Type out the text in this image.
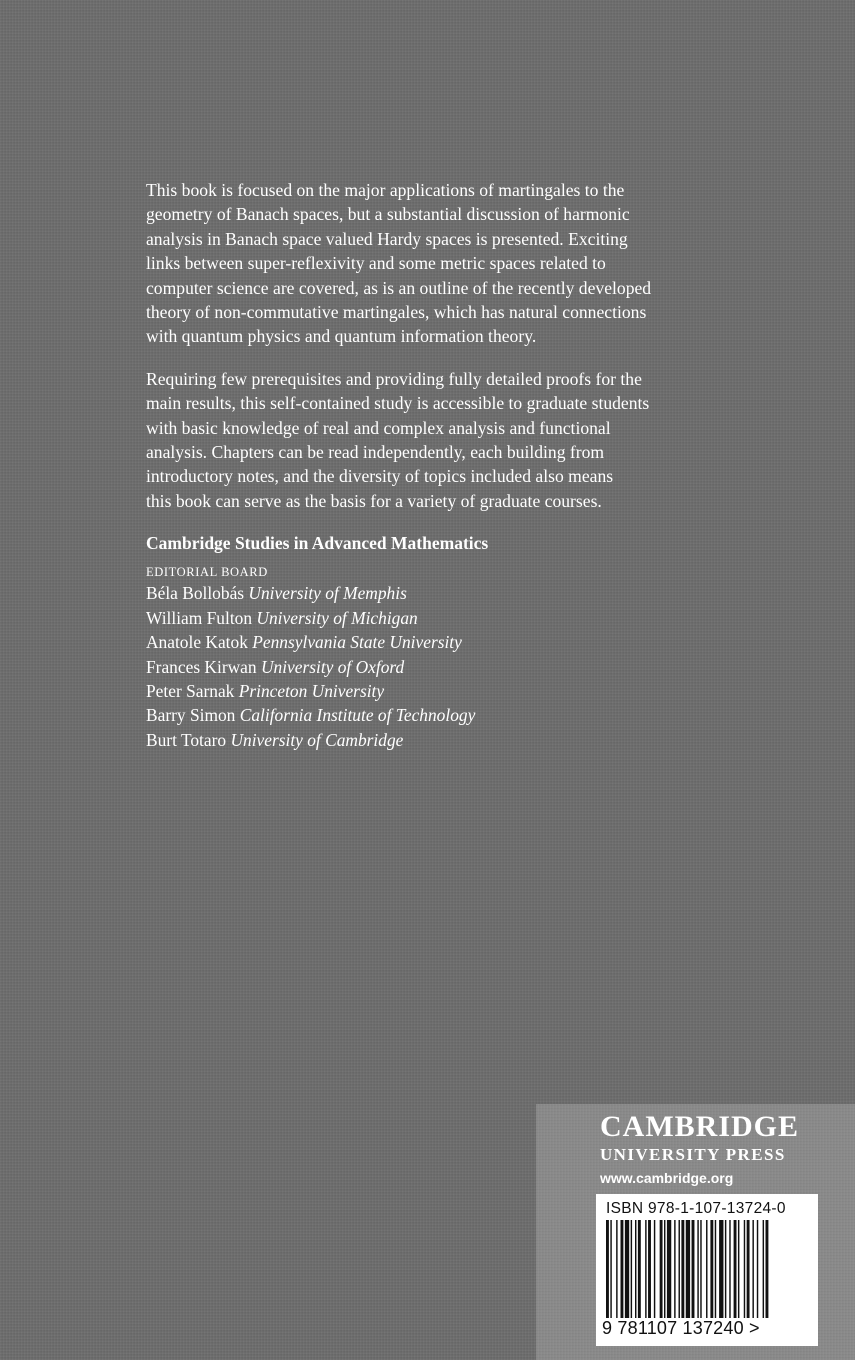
This book is focused on the major applications of martingales to the
geometry of Banach spaces, but a substantial discussion of harmonic
analysis in Banach space valued Hardy spaces is presented. Exciting
links between super-reflexivity and some metric spaces related to
computer science are covered, as is an outline of the recently developed
theory of non-commutative martingales, which has natural connections
with quantum physics and quantum information theory.
Requiring few prerequisites and providing fully detailed proofs for the
main results, this self-contained study is accessible to graduate students
with basic knowledge of real and complex analysis and functional
analysis. Chapters can be read independently, each building from
introductory notes, and the diversity of topics included also means
this book can serve as the basis for a variety of graduate courses.
Cambridge Studies in Advanced Mathematics
EDITORIAL BOARD
Béla Bollobás University of Memphis
William Fulton University of Michigan
Anatole Katok Pennsylvania State University
Frances Kirwan University of Oxford
Peter Sarnak Princeton University
Barry Simon California Institute of Technology
Burt Totaro University of Cambridge
CAMBRIDGE
UNIVERSITY PRESS
www.cambridge.org
ISBN 978-1-107-13724-0
9 781107 137240 >
